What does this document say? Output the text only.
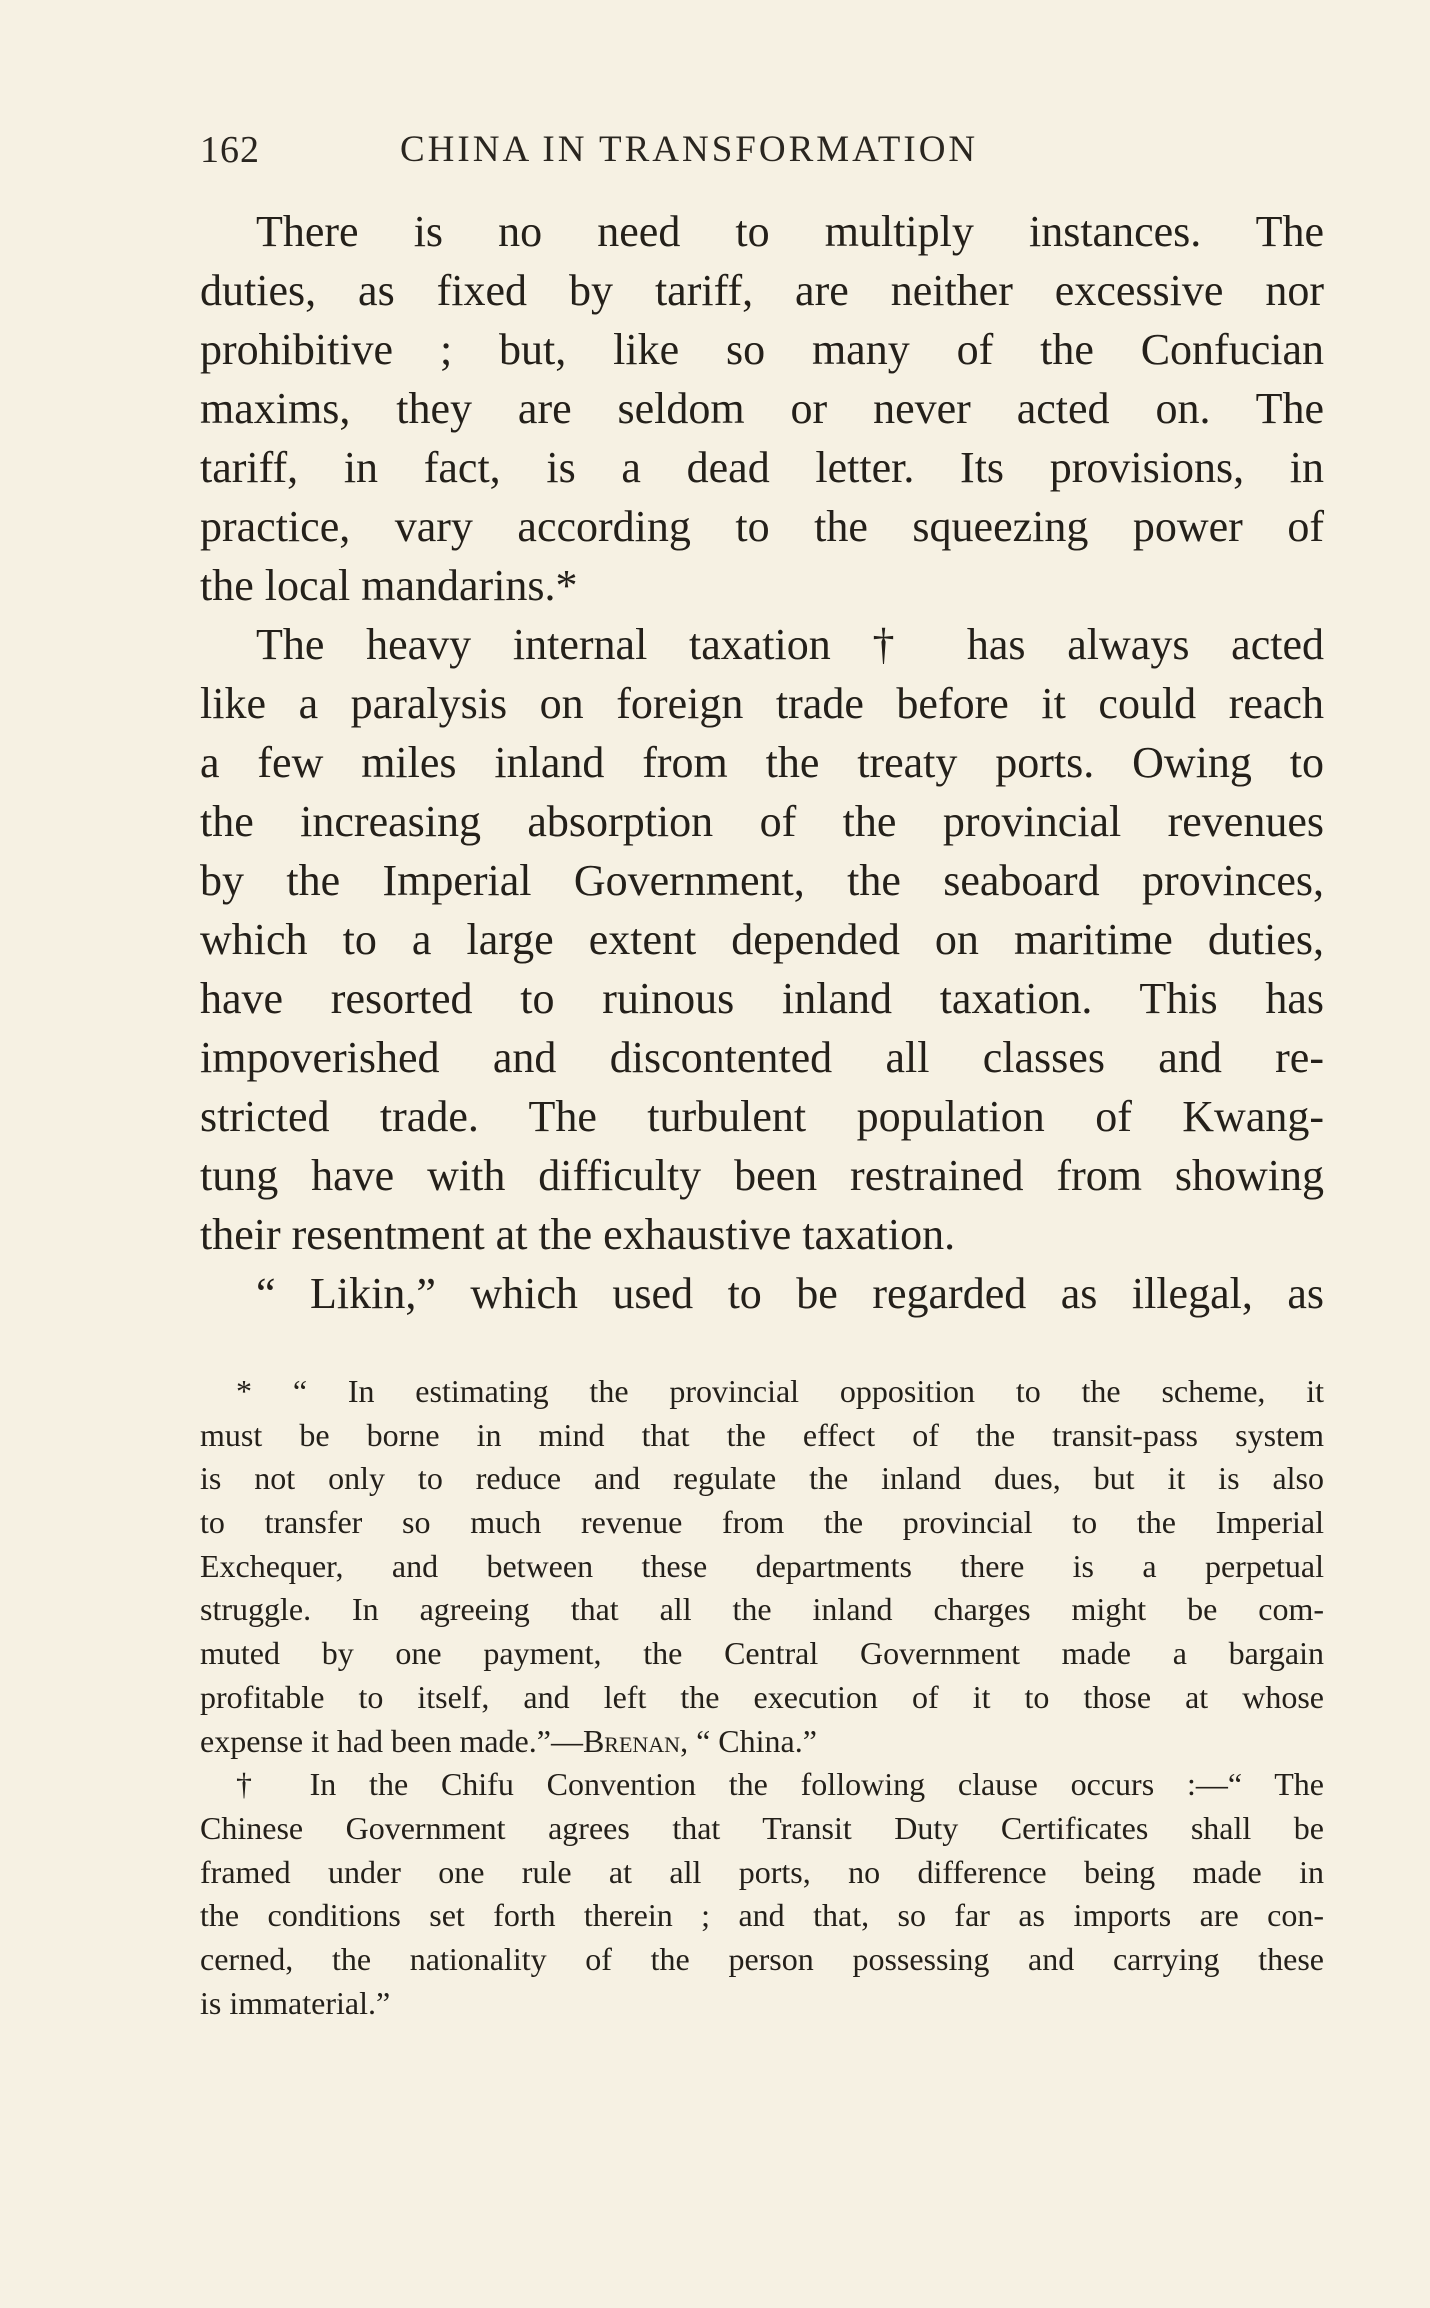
162	CHINA IN TRANSFORMATION
There is no need to multiply instances. The
duties, as fixed by tariff, are neither excessive nor
prohibitive ; but, like so many of the Confucian
maxims, they are seldom or never acted on. The
tariff, in fact, is a dead letter. Its provisions, in
practice, vary according to the squeezing power of
the local mandarins.*
The heavy internal taxation † has always acted
like a paralysis on foreign trade before it could reach
a few miles inland from the treaty ports. Owing to
the increasing absorption of the provincial revenues
by the Imperial Government, the seaboard provinces,
which to a large extent depended on maritime duties,
have resorted to ruinous inland taxation. This has
impoverished and discontented all classes and re-
stricted trade. The turbulent population of Kwang-
tung have with difficulty been restrained from showing
their resentment at the exhaustive taxation.
“ Likin,” which used to be regarded as illegal, as
* “ In estimating the provincial opposition to the scheme, it
must be borne in mind that the effect of the transit-pass system
is not only to reduce and regulate the inland dues, but it is also
to transfer so much revenue from the provincial to the Imperial
Exchequer, and between these departments there is a perpetual
struggle. In agreeing that all the inland charges might be com-
muted by one payment, the Central Government made a bargain
profitable to itself, and left the execution of it to those at whose
expense it had been made.”—Brenan, “ China.”
† In the Chifu Convention the following clause occurs :—“ The
Chinese Government agrees that Transit Duty Certificates shall be
framed under one rule at all ports, no difference being made in
the conditions set forth therein ; and that, so far as imports are con-
cerned, the nationality of the person possessing and carrying these
is immaterial.”
